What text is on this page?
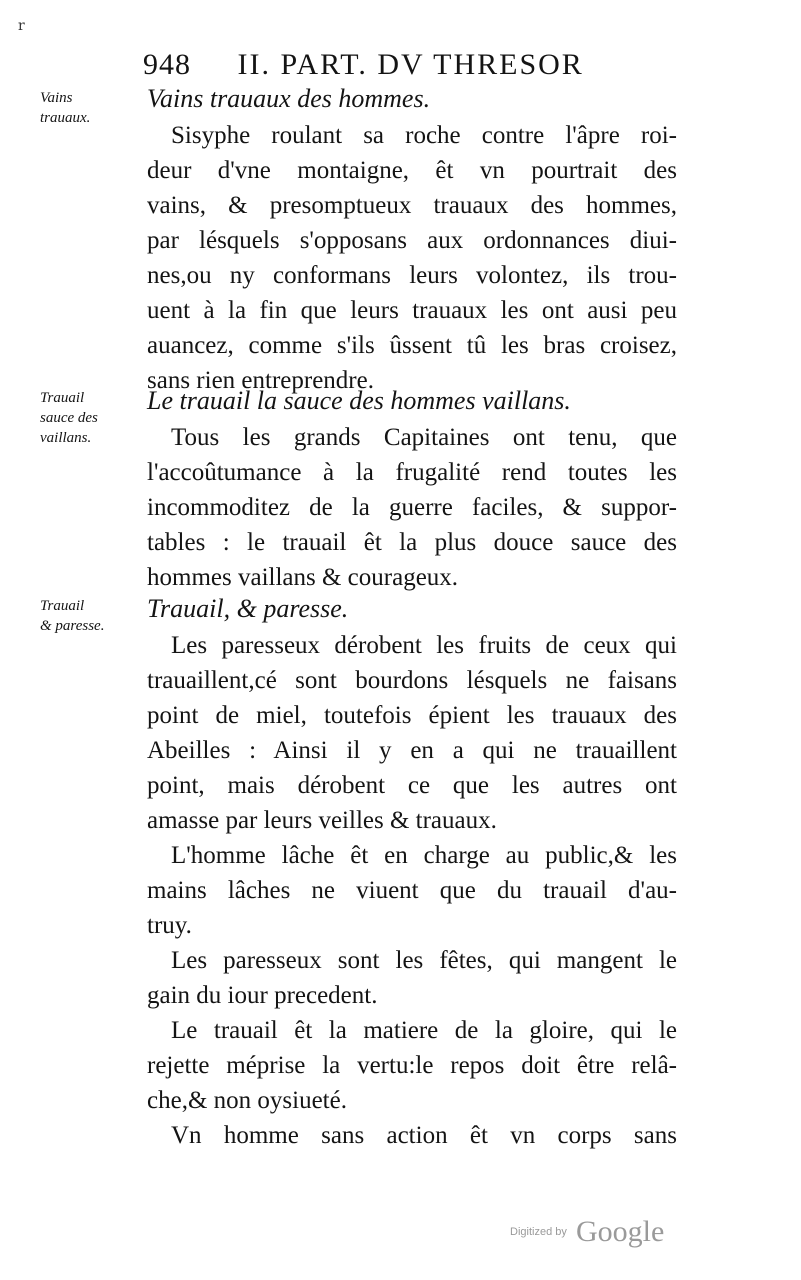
r
948 II. PART. DV THRESOR
Vains
trauaux.
Vains trauaux des hommes.
Sisyphe roulant sa roche contre l'âpre roi-
deur d'vne montaigne, êt vn pourtrait des
vains, & presomptueux trauaux des hommes,
par lésquels s'opposans aux ordonnances diui-
nes,ou ny conformans leurs volontez, ils trou-
uent à la fin que leurs trauaux les ont ausi peu
auancez, comme s'ils ûssent tû les bras croisez,
sans rien entreprendre.
Trauail
sauce des
vaillans.
Le trauail la sauce des hommes vaillans.
Tous les grands Capitaines ont tenu, que
l'accoûtumance à la frugalité rend toutes les
incommoditez de la guerre faciles, & suppor-
tables : le trauail êt la plus douce sauce des
hommes vaillans & courageux.
Trauail
& paresse.
Trauail, & paresse.
Les paresseux dérobent les fruits de ceux qui
trauaillent,cé sont bourdons lésquels ne faisans
point de miel, toutefois épient les trauaux des
Abeilles : Ainsi il y en a qui ne trauaillent
point, mais dérobent ce que les autres ont
amasse par leurs veilles & trauaux.
L'homme lâche êt en charge au public,& les
mains lâches ne viuent que du trauail d'au-
truy.
Les paresseux sont les fêtes, qui mangent le
gain du iour precedent.
Le trauail êt la matiere de la gloire, qui le
rejette méprise la vertu:le repos doit être relâ-
che,& non oysiueté.
Vn homme sans action êt vn corps sans
Digitized by Google
